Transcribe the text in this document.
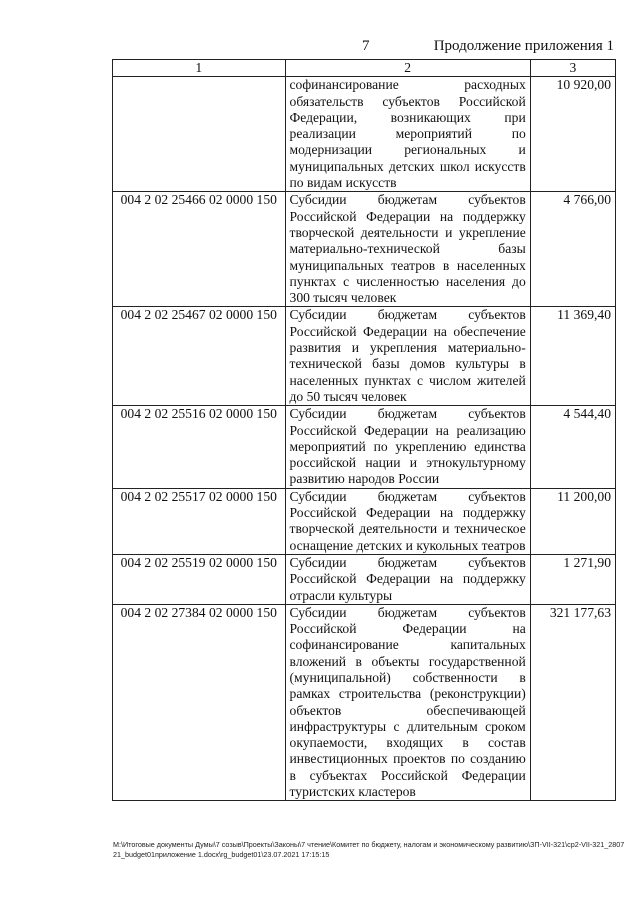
7	Продолжение приложения 1
1	2	3
	софинансирование расходных обязательств субъектов Российской Федерации, возникающих при реализации мероприятий по модернизации региональных и муниципальных детских школ искусств по видам искусств	10 920,00
004 2 02 25466 02 0000 150	Субсидии бюджетам субъектов Российской Федерации на поддержку творческой деятельности и укрепление материально-технической базы муниципальных театров в населенных пунктах с численностью населения до 300 тысяч человек	4 766,00
004 2 02 25467 02 0000 150	Субсидии бюджетам субъектов Российской Федерации на обеспечение развития и укрепления материально-технической базы домов культуры в населенных пунктах с числом жителей до 50 тысяч человек	11 369,40
004 2 02 25516 02 0000 150	Субсидии бюджетам субъектов Российской Федерации на реализацию мероприятий по укреплению единства российской нации и этнокультурному развитию народов России	4 544,40
004 2 02 25517 02 0000 150	Субсидии бюджетам субъектов Российской Федерации на поддержку творческой деятельности и техническое оснащение детских и кукольных театров	11 200,00
004 2 02 25519 02 0000 150	Субсидии бюджетам субъектов Российской Федерации на поддержку отрасли культуры	1 271,90
004 2 02 27384 02 0000 150	Субсидии бюджетам субъектов Российской Федерации на софинансирование капитальных вложений в объекты государственной (муниципальной) собственности в рамках строительства (реконструкции) объектов обеспечивающей инфраструктуры с длительным сроком окупаемости, входящих в состав инвестиционных проектов по созданию в субъектах Российской Федерации туристских кластеров	321 177,63
M:\Итоговые документы Думы\7 созыв\Проекты\Законы\7 чтение\Комитет по бюджету, налогам и экономическому развитию\ЗП-VII-321\ср2-VII-321_280721_budget01приложение 1.docx\rg_budget01\23.07.2021 17:15:15
